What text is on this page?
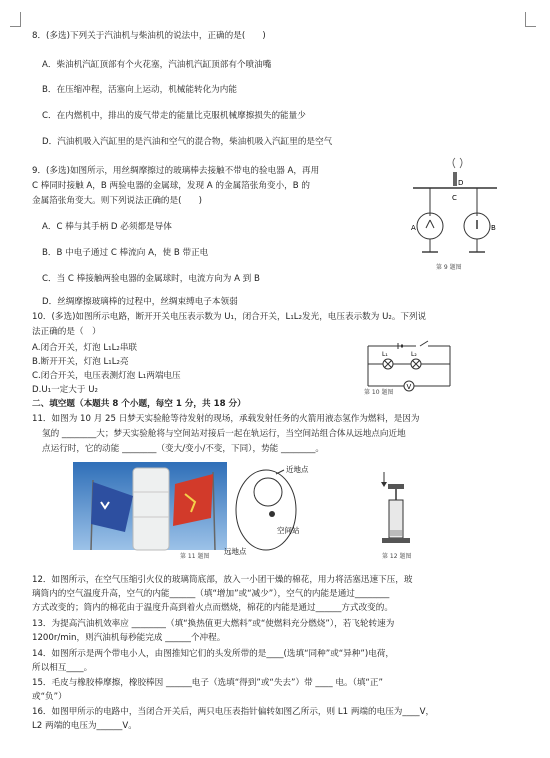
8．(多选)下列关于汽油机与柴油机的说法中，正确的是(　　)
A．柴油机汽缸顶部有个火花塞，汽油机汽缸顶部有个喷油嘴
B．在压缩冲程，活塞向上运动，机械能转化为内能
C．在内燃机中，排出的废气带走的能量比克服机械摩擦损失的能量少
D．汽油机吸入汽缸里的是汽油和空气的混合物，柴油机吸入汽缸里的是空气
9．(多选)如图所示，用丝绸摩擦过的玻璃棒去接触不带电的验电器 A，再用
C 棒同时接触 A，B 两验电器的金属球，发现 A 的金属箔张角变小，B 的
金属箔张角变大。则下列说法正确的是(　　)
A．C 棒与其手柄 D 必须都是导体
B．B 中电子通过 C 棒流向 A，使 B 带正电
C．当 C 棒接触两验电器的金属球时，电流方向为 A 到 B
D．丝绸摩擦玻璃棒的过程中，丝绸束缚电子本领弱
D
C
A	B
第 9 题图
10．(多选)如图所示电路，断开开关电压表示数为 U₁，闭合开关，L₁L₂发光，电压表示数为 U₂。下列说
法正确的是（　）
A.闭合开关，灯泡 L₁L₂串联
B.断开开关，灯泡 L₁L₂亮
C.闭合开关，电压表测灯泡 L₁两端电压
D.U₁一定大于 U₂	V
L₁	L₂
第 10 题图
二、填空题（本题共 8 个小题，每空 1 分，共 18 分）
11．如图为 10 月 25 日梦天实验舱等待发射的现场，承载发射任务的火箭用液态氢作为燃料，是因为
氢的 ________大；梦天实验舱将与空间站对接后一起在轨运行，当空间站组合体从远地点向近地
点运行时，它的动能 ________（变大/变小/不变，下同），势能 ________。
第 11 题图
近地点
空间站
远地点
第 12 题图
12．如图所示，在空气压缩引火仪的玻璃筒底部，放入一小团干燥的棉花，用力将活塞迅速下压，玻
璃筒内的空气温度升高，空气的内能______（填“增加”或“减少”），空气的内能是通过________
方式改变的；筒内的棉花由于温度升高到着火点而燃烧，棉花的内能是通过______方式改变的。
13．为提高汽油机效率应 ________（填“换热值更大燃料”或“使燃料充分燃烧”），若飞轮转速为
1200r/min，则汽油机每秒能完成 ______个冲程。
14．如图所示是两个带电小人，由图推知它们的头发所带的是____(选填“同种”或“异种”)电荷，
所以相互____。
15．毛皮与橡胶棒摩擦，橡胶棒因 ______电子（选填“得到”或“失去”）带 ____ 电。（填“正”
或“负”）
16．如图甲所示的电路中，当闭合开关后，两只电压表指针偏转如图乙所示，则 L1 两端的电压为____V，
L2 两端的电压为______V。
